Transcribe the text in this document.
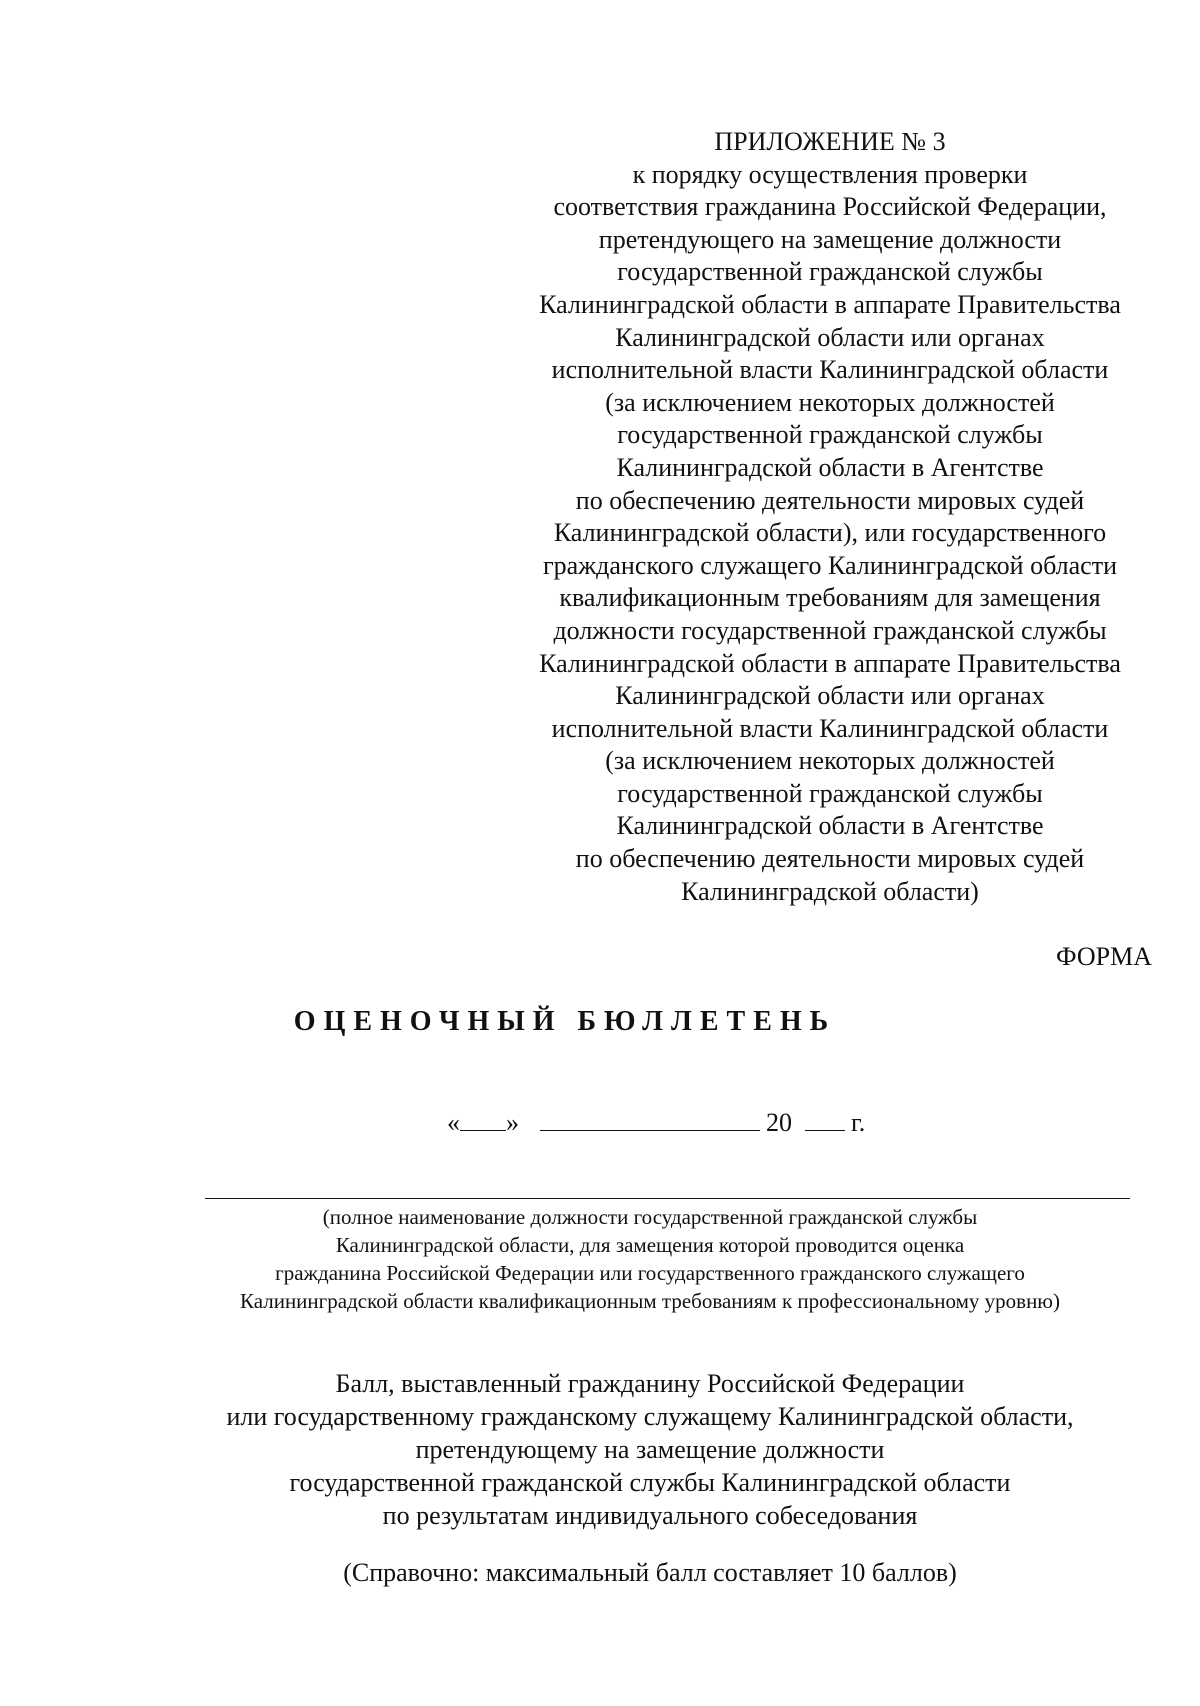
ПРИЛОЖЕНИЕ № 3
к порядку осуществления проверки
соответствия гражданина Российской Федерации,
претендующего на замещение должности
государственной гражданской службы
Калининградской области в аппарате Правительства
Калининградской области или органах
исполнительной власти Калининградской области
(за исключением некоторых должностей
государственной гражданской службы
Калининградской области в Агентстве
по обеспечению деятельности мировых судей
Калининградской области), или государственного
гражданского служащего Калининградской области
квалификационным требованиям для замещения
должности государственной гражданской службы
Калининградской области в аппарате Правительства
Калининградской области или органах
исполнительной власти Калининградской области
(за исключением некоторых должностей
государственной гражданской службы
Калининградской области в Агентстве
по обеспечению деятельности мировых судей
Калининградской области)
ФОРМА
ОЦЕНОЧНЫЙ БЮЛЛЕТЕНЬ
« »	20 г.
(полное наименование должности государственной гражданской службы
Калининградской области, для замещения которой проводится оценка
гражданина Российской Федерации или государственного гражданского служащего
Калининградской области квалификационным требованиям к профессиональному уровню)
Балл, выставленный гражданину Российской Федерации
или государственному гражданскому служащему Калининградской области,
претендующему на замещение должности
государственной гражданской службы Калининградской области
по результатам индивидуального собеседования
(Справочно: максимальный балл составляет 10 баллов)
